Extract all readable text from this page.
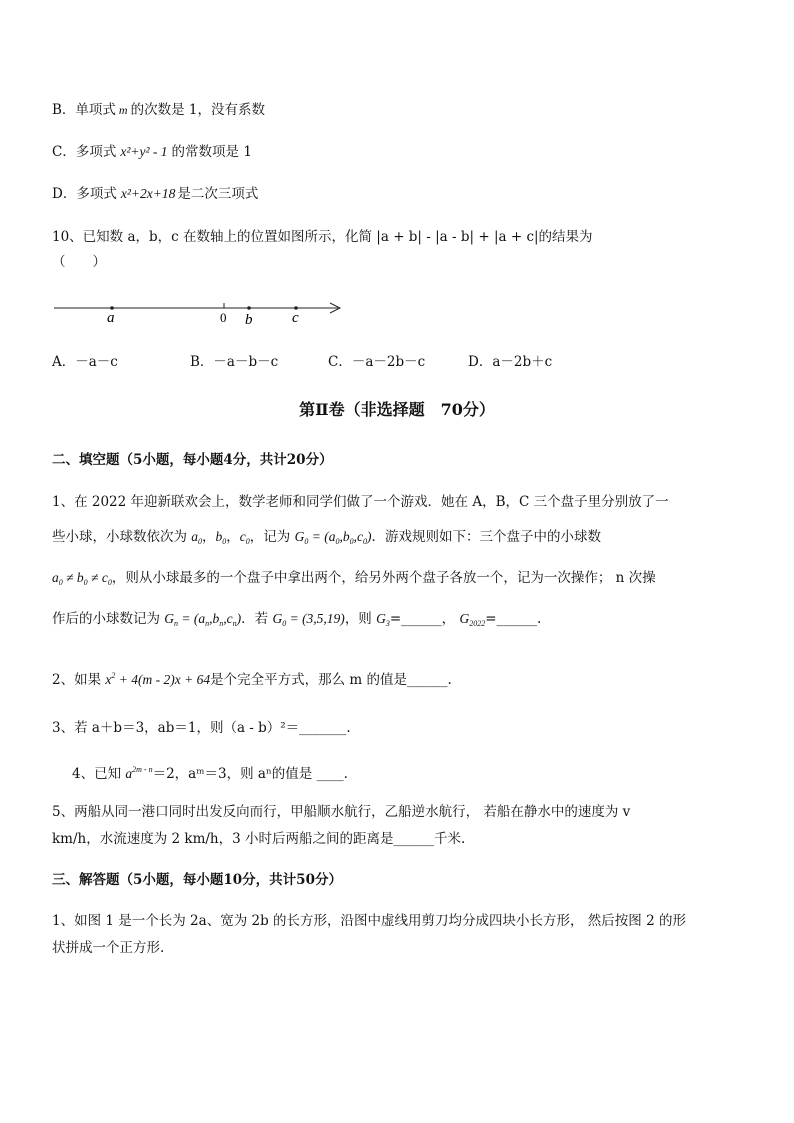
B．单项式 m 的次数是 1，没有系数
C．多项式 x²+y² - 1 的常数项是 1
D．多项式 x²+2x+18 是二次三项式
10、已知数 a，b，c 在数轴上的位置如图所示，化简 |a + b| - |a - b| + |a + c|的结果为
（　　）
a	0 b	c
A．－a－c	B．－a－b－c	C．－a－2b－c	D．a－2b＋c
第Ⅱ卷（非选择题　70分）
二、填空题（5小题，每小题4分，共计20分）
1、在 2022 年迎新联欢会上，数学老师和同学们做了一个游戏．她在 A，B，C 三个盘子里分别放了一
些小球，小球数依次为 $a_0$，$b_0$，$c_0$，记为 $G_0 = (a_0,b_0,c_0)$．游戏规则如下：三个盘子中的小球数
$a_0 \ne b_0 \ne c_0$，则从小球最多的一个盘子中拿出两个，给另外两个盘子各放一个，记为一次操作； n 次操
作后的小球数记为 $G_n = (a_n,b_n,c_n)$．若 $G_0 = (3,5,19)$，则 $G_3=\_\_\_\_\_\_$， $G_{2022}=\_\_\_\_\_\_$.
2、如果 $x^2 + 4(m - 2)x + 64$是个完全平方式，那么 m 的值是______.
3、若 a＋b＝3，ab＝1，则（a - b）²＝_______.
4、已知 $a^{2m - n}=2$，aᵐ＝3，则 aⁿ的值是 ____.
5、两船从同一港口同时出发反向而行，甲船顺水航行，乙船逆水航行， 若船在静水中的速度为 v
km/h，水流速度为 2 km/h，3 小时后两船之间的距离是______千米.
三、解答题（5小题，每小题10分，共计50分）
1、如图 1 是一个长为 2a、宽为 2b 的长方形，沿图中虚线用剪刀均分成四块小长方形， 然后按图 2 的形
状拼成一个正方形.
